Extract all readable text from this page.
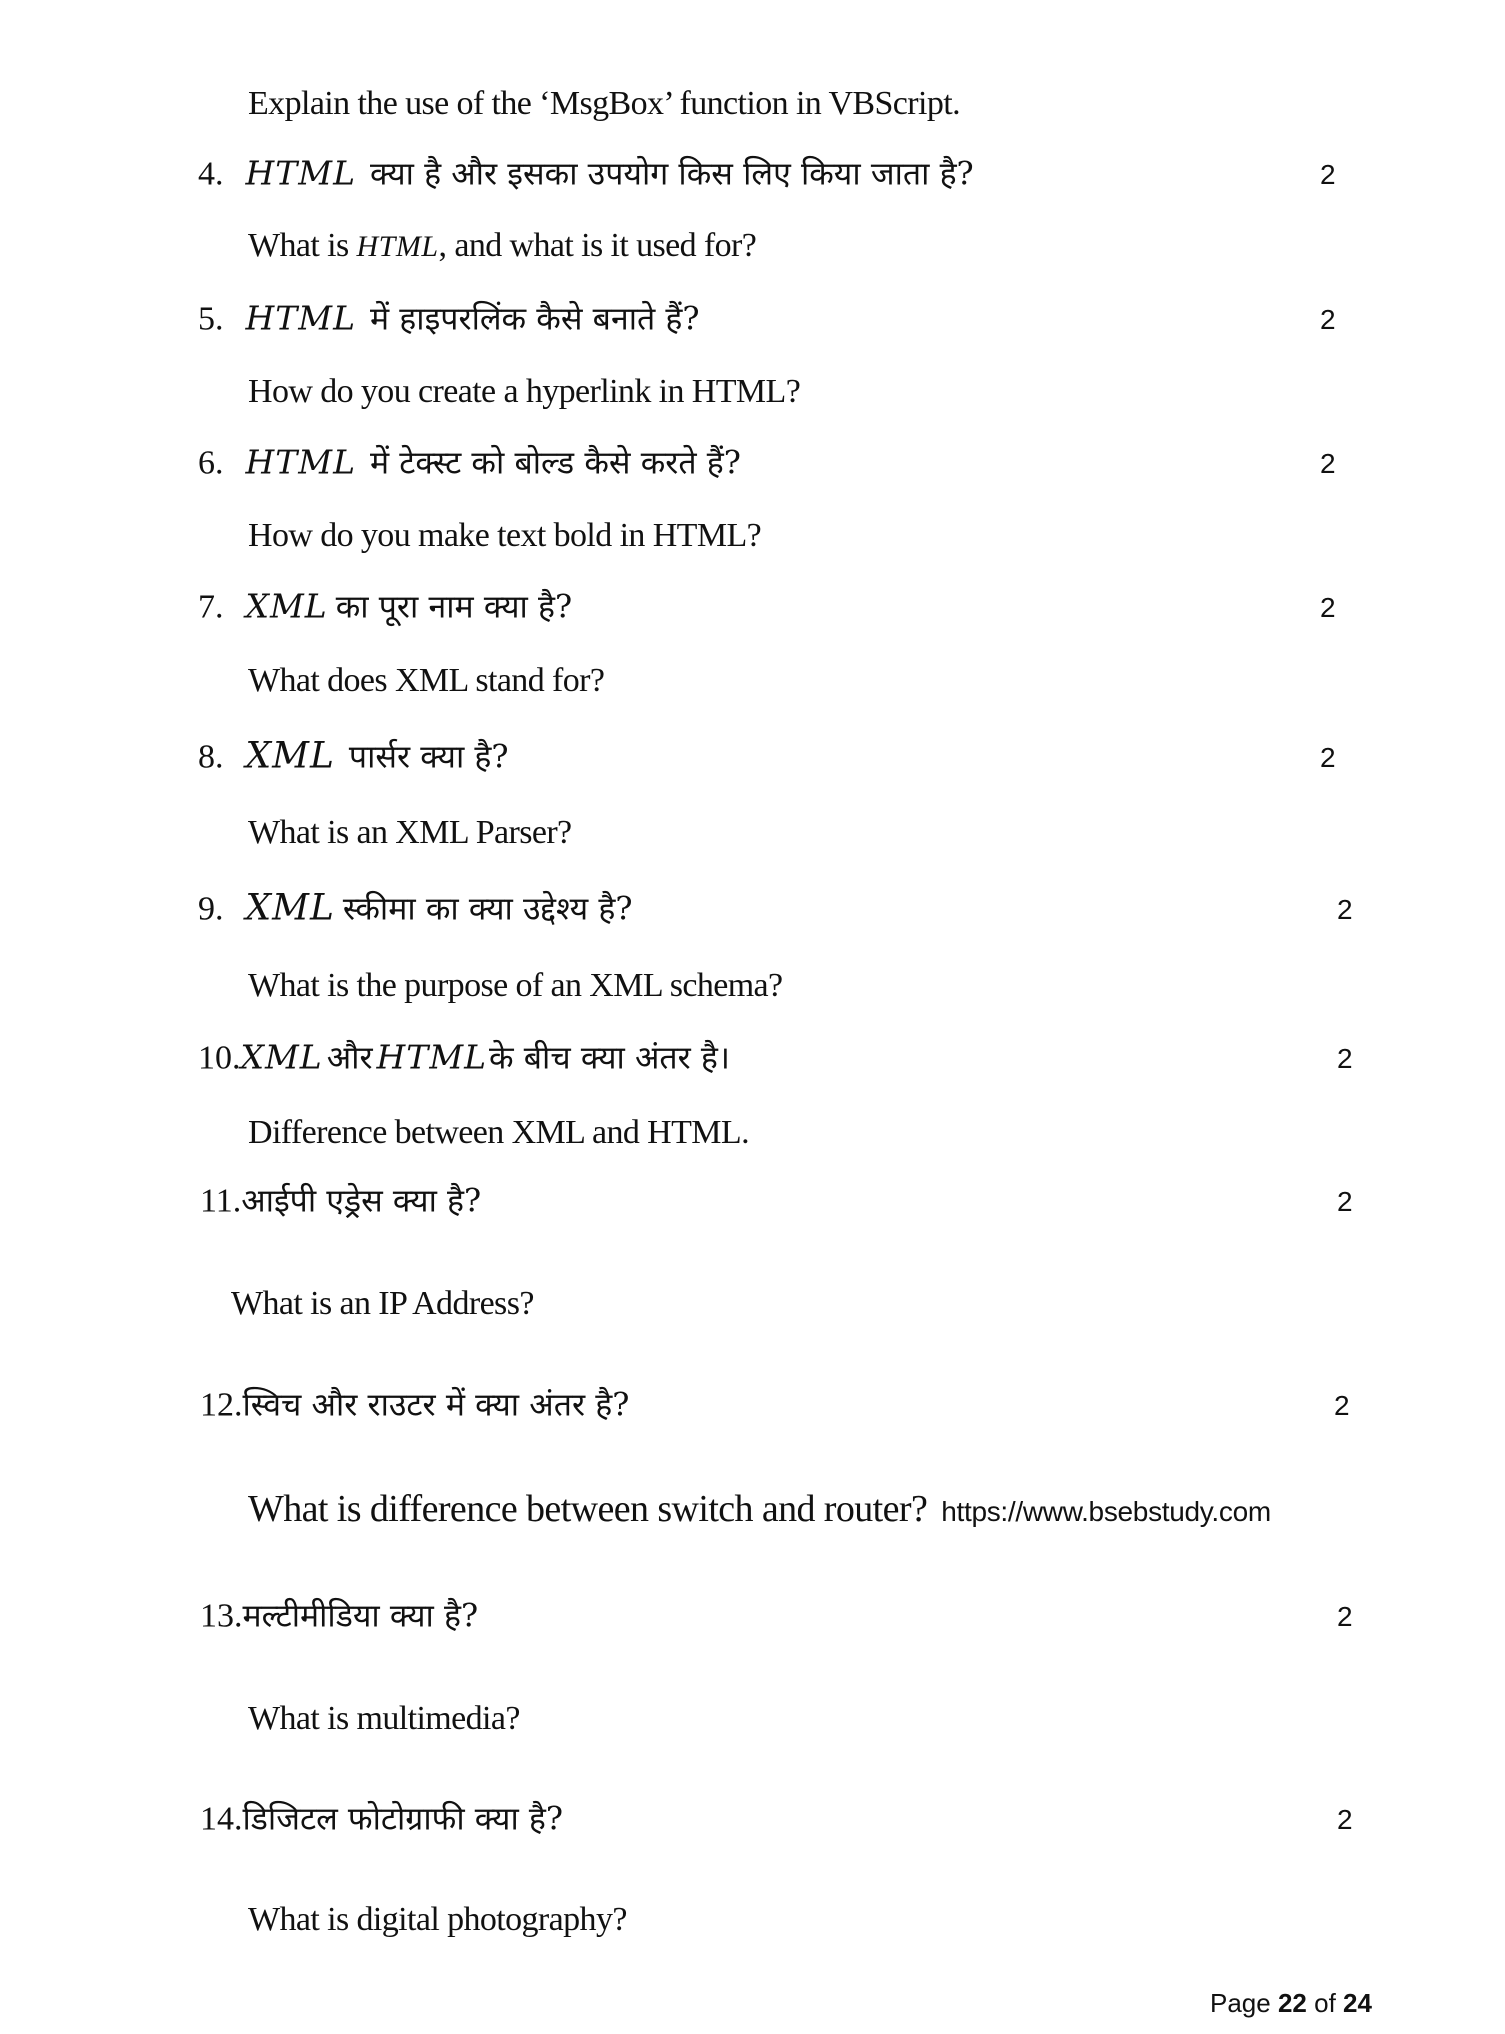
Explain the use of the ‘MsgBox’ function in VBScript.
4. HTML क्या है और इसका उपयोग किस लिए किया जाता है?	2
What is HTML, and what is it used for?
5. HTML में हाइपरलिंक कैसे बनाते हैं?	2
How do you create a hyperlink in HTML?
6. HTML में टेक्स्ट को बोल्ड कैसे करते हैं?	2
How do you make text bold in HTML?
7. XML का पूरा नाम क्या है?	2
What does XML stand for?
8. XML पार्सर क्या है?	2
What is an XML Parser?
9. XML स्कीमा का क्या उद्देश्य है?	2
What is the purpose of an XML schema?
10.XML और HTMLके बीच क्या अंतर है।	2
Difference between XML and HTML.
11.आईपी एड्रेस क्या है?	2
What is an IP Address?
12.स्विच और राउटर में क्या अंतर है?	2
What is difference between switch and router? https://www.bsebstudy.com
13.मल्टीमीडिया क्या है?	2
What is multimedia?
14.डिजिटल फोटोग्राफी क्या है?	2
What is digital photography?
Page 22 of 24
